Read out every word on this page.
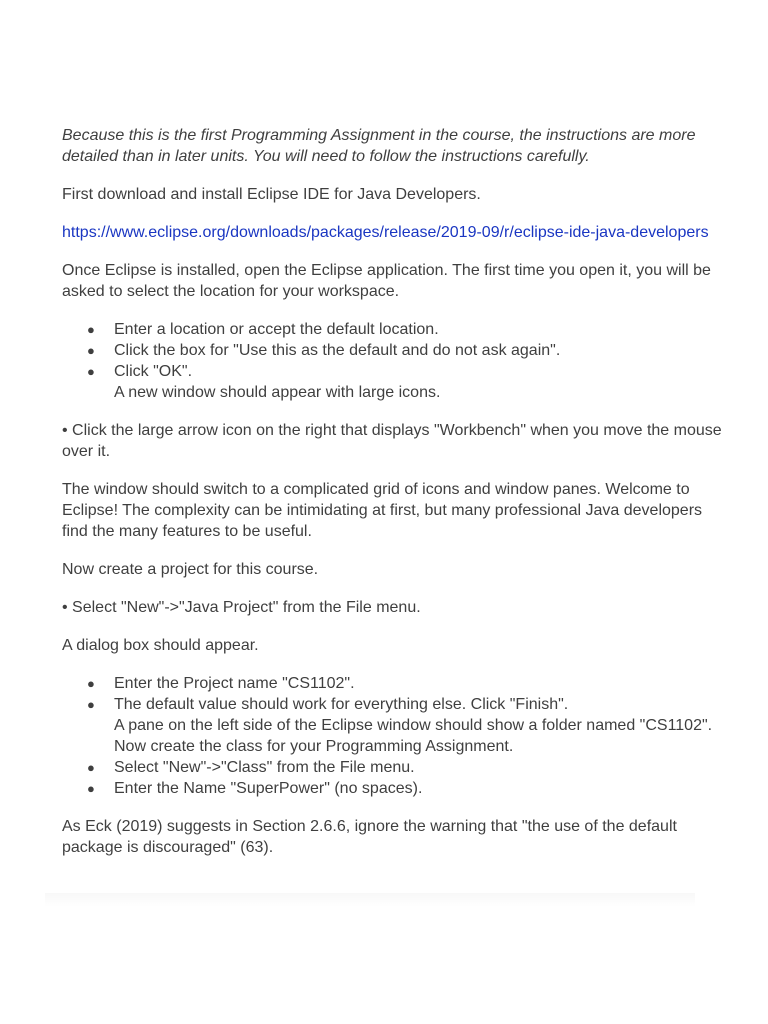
Because this is the first Programming Assignment in the course, the instructions are more detailed than in later units. You will need to follow the instructions carefully.

First download and install Eclipse IDE for Java Developers.

https://www.eclipse.org/downloads/packages/release/2019-09/r/eclipse-ide-java-developers

Once Eclipse is installed, open the Eclipse application. The first time you open it, you will be asked to select the location for your workspace.

● Enter a location or accept the default location.
● Click the box for "Use this as the default and do not ask again".
● Click "OK".
A new window should appear with large icons.

• Click the large arrow icon on the right that displays "Workbench" when you move the mouse over it.

The window should switch to a complicated grid of icons and window panes. Welcome to Eclipse! The complexity can be intimidating at first, but many professional Java developers find the many features to be useful.

Now create a project for this course.

• Select "New"->"Java Project" from the File menu.

A dialog box should appear.

● Enter the Project name "CS1102".
● The default value should work for everything else. Click "Finish".
A pane on the left side of the Eclipse window should show a folder named "CS1102". Now create the class for your Programming Assignment.
● Select "New"->"Class" from the File menu.
● Enter the Name "SuperPower" (no spaces).

As Eck (2019) suggests in Section 2.6.6, ignore the warning that "the use of the default package is discouraged" (63).
